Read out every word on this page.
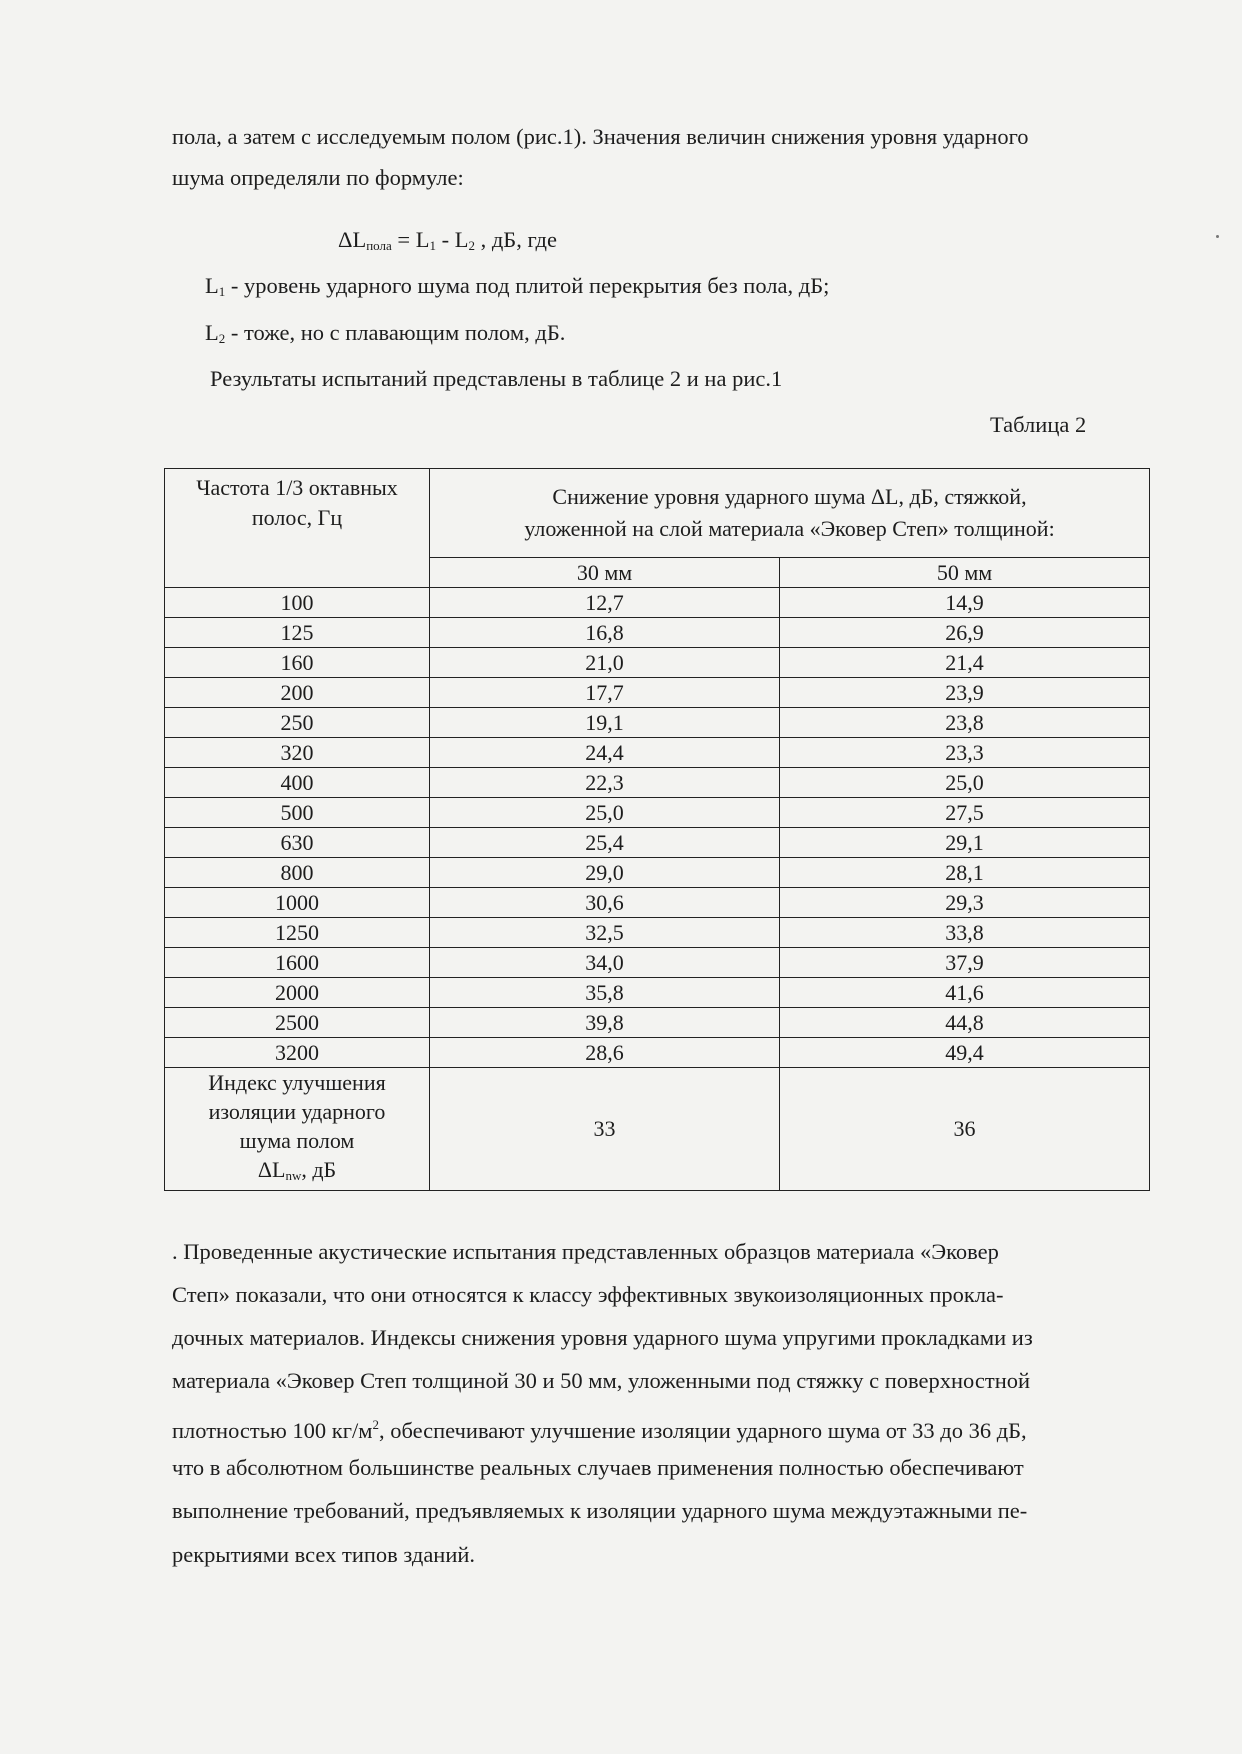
пола, а затем с исследуемым полом (рис.1). Значения величин снижения уровня ударного
шума определяли по формуле:
$\Delta L_{пола} = L_1 - L_2$ , дБ, где
$L_1$ - уровень ударного шума под плитой перекрытия без пола, дБ;
$L_2$ - тоже, но с плавающим полом, дБ.
Результаты испытаний представлены в таблице 2 и на рис.1
Таблица 2
Частота 1/3 октавных полос, Гц	Снижение уровня ударного шума ΔL, дБ, стяжкой,
уложенной на слой материала «Эковер Степ» толщиной:	

	30 мм	50 мм
100	12,7	14,9
125	16,8	26,9
160	21,0	21,4
200	17,7	23,9
250	19,1	23,8
320	24,4	23,3
400	22,3	25,0
500	25,0	27,5
630	25,4	29,1
800	29,0	28,1
1000	30,6	29,3
1250	32,5	33,8
1600	34,0	37,9
2000	35,8	41,6
2500	39,8	44,8
3200	28,6	49,4

Индекс улучшения
изоляции ударного
шума полом
$\Delta L_{nw}$, дБ	33	36
. Проведенные акустические испытания представленных образцов материала «Эковер
Степ» показали, что они относятся к классу эффективных звукоизоляционных прокла-
дочных материалов. Индексы снижения уровня ударного шума упругими прокладками из
материала «Эковер Степ толщиной 30 и 50 мм, уложенными под стяжку с поверхностной
плотностью 100 $кг/м^2$, обеспечивают улучшение изоляции ударного шума от 33 до 36 дБ,
что в абсолютном большинстве реальных случаев применения полностью обеспечивают
выполнение требований, предъявляемых к изоляции ударного шума междуэтажными пе-
рекрытиями всех типов зданий.
